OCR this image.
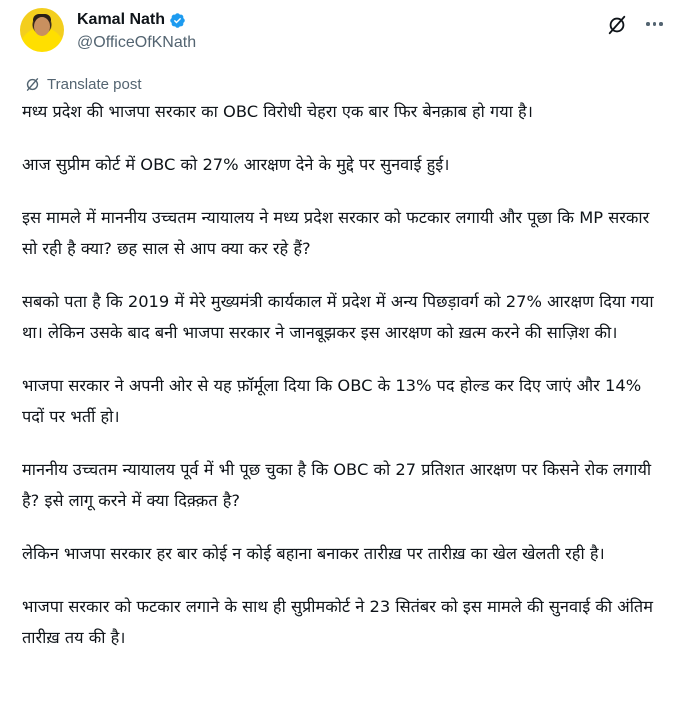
Kamal Nath
@OfficeOfKNath
Translate post

मध्य प्रदेश की भाजपा सरकार का OBC विरोधी चेहरा एक बार फिर बेनक़ाब हो गया है।

आज सुप्रीम कोर्ट में OBC को 27% आरक्षण देने के मुद्दे पर सुनवाई हुई।

इस मामले में माननीय उच्चतम न्यायालय ने मध्य प्रदेश सरकार को फटकार लगायी और पूछा कि MP सरकार सो रही है क्या? छह साल से आप क्या कर रहे हैं?

सबको पता है कि 2019 में मेरे मुख्यमंत्री कार्यकाल में प्रदेश में अन्य पिछड़ावर्ग को 27% आरक्षण दिया गया था। लेकिन उसके बाद बनी भाजपा सरकार ने जानबूझकर इस आरक्षण को ख़त्म करने की साज़िश की।

भाजपा सरकार ने अपनी ओर से यह फ़ॉर्मूला दिया कि OBC के 13% पद होल्ड कर दिए जाएं और 14% पदों पर भर्ती हो।

माननीय उच्चतम न्यायालय पूर्व में भी पूछ चुका है कि OBC को 27 प्रतिशत आरक्षण पर किसने रोक लगायी है? इसे लागू करने में क्या दिक़्क़त है?

लेकिन भाजपा सरकार हर बार कोई न कोई बहाना बनाकर तारीख़ पर तारीख़ का खेल खेलती रही है।

भाजपा सरकार को फटकार लगाने के साथ ही सुप्रीमकोर्ट ने 23 सितंबर को इस मामले की सुनवाई की अंतिम तारीख़ तय की है।
